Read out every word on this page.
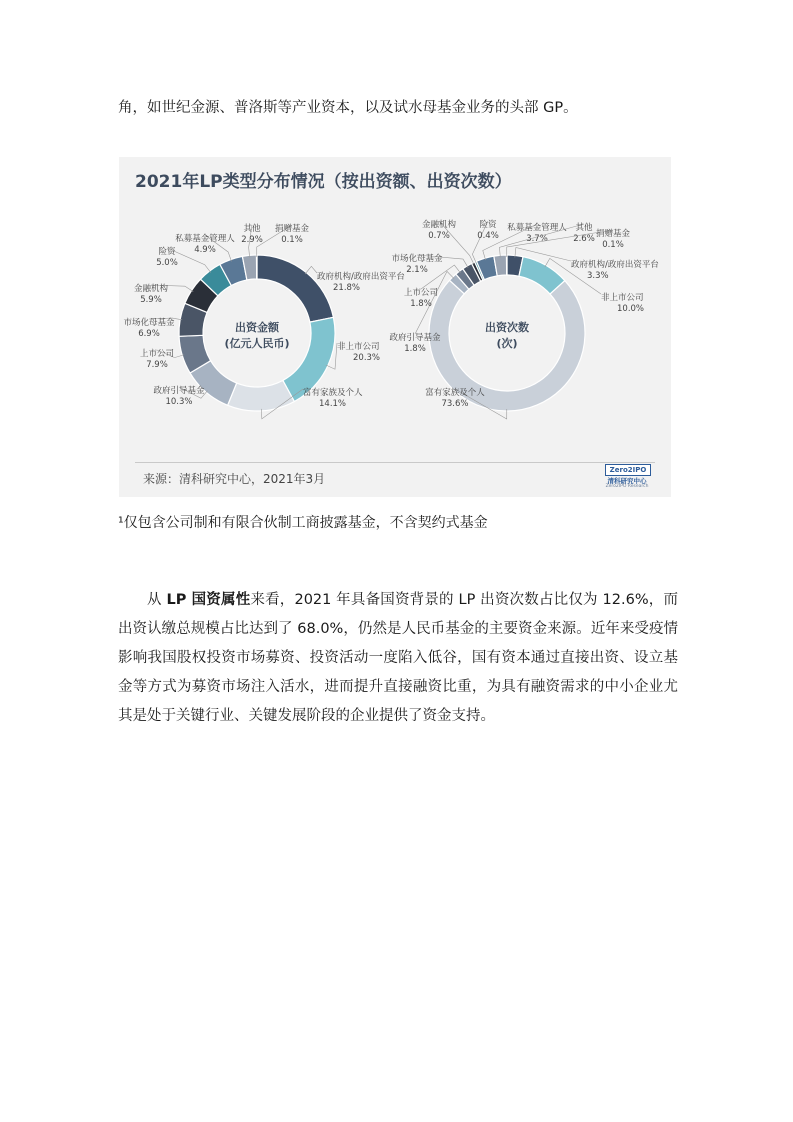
角，如世纪金源、普洛斯等产业资本，以及试水母基金业务的头部 GP。

政府机构/政府出资平台
21.8%
非上市公司
20.3%
富有家族及个人
14.1%
政府引导基金
10.3%
上市公司
7.9%
市场化母基金
6.9%
金融机构
5.9%
险资
5.0%
私募基金管理人
4.9%
其他
2.9%
捐赠基金
0.1%
出资金额
(亿元人民币)
政府机构/政府出资平台
3.3%
非上市公司
10.0%
富有家族及个人
73.6%
政府引导基金
1.8%
上市公司
1.8%
市场化母基金
2.1%
金融机构
0.7%
险资
0.4%
私募基金管理人
3.7%
其他
2.6% 捐赠基金
0.1%
出资次数
(次)

2021年LP类型分布情况（按出资额、出资次数）

来源：清科研究中心，2021年3月
Zero2IPO
清科研究中心
Zero2IPO Research

¹仅包含公司制和有限合伙制工商披露基金，不含契约式基金

从 LP 国资属性来看，2021 年具备国资背景的 LP 出资次数占比仅为 12.6%，而出资认缴总规模占比达到了 68.0%，仍然是人民币基金的主要资金来源。近年来受疫情影响我国股权投资市场募资、投资活动一度陷入低谷，国有资本通过直接出资、设立基金等方式为募资市场注入活水，进而提升直接融资比重，为具有融资需求的中小企业尤其是处于关键行业、关键发展阶段的企业提供了资金支持。
